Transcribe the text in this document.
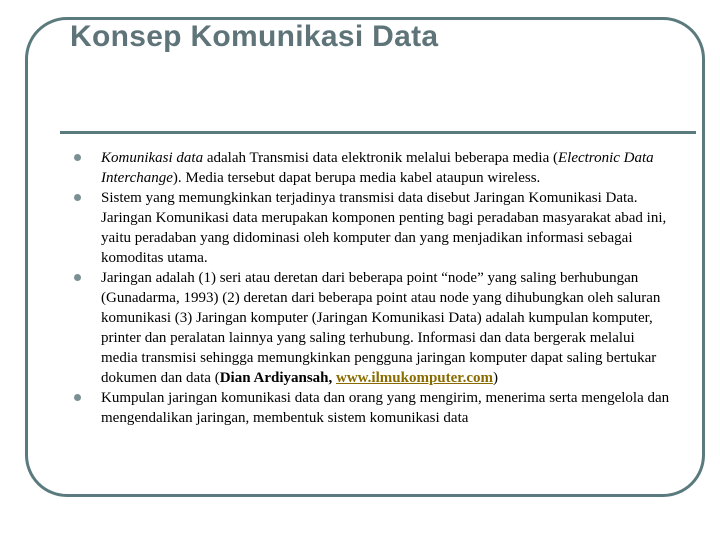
Konsep Komunikasi Data
Komunikasi data adalah Transmisi data elektronik melalui beberapa media (Electronic Data Interchange). Media tersebut dapat berupa media kabel ataupun wireless.
Sistem yang memungkinkan terjadinya transmisi data disebut Jaringan Komunikasi Data. Jaringan Komunikasi data merupakan komponen penting bagi peradaban masyarakat abad ini, yaitu peradaban yang didominasi oleh komputer dan yang menjadikan informasi sebagai komoditas utama.
Jaringan adalah (1) seri atau deretan dari beberapa point “node” yang saling berhubungan (Gunadarma, 1993) (2) deretan dari beberapa point atau node yang dihubungkan oleh saluran komunikasi (3) Jaringan komputer (Jaringan Komunikasi Data) adalah kumpulan komputer, printer dan peralatan lainnya yang saling terhubung. Informasi dan data bergerak melalui media transmisi sehingga memungkinkan pengguna jaringan komputer dapat saling bertukar dokumen dan data (Dian Ardiyansah, www.ilmukomputer.com)
Kumpulan jaringan komunikasi data dan orang yang mengirim, menerima serta mengelola dan mengendalikan jaringan, membentuk sistem komunikasi data
